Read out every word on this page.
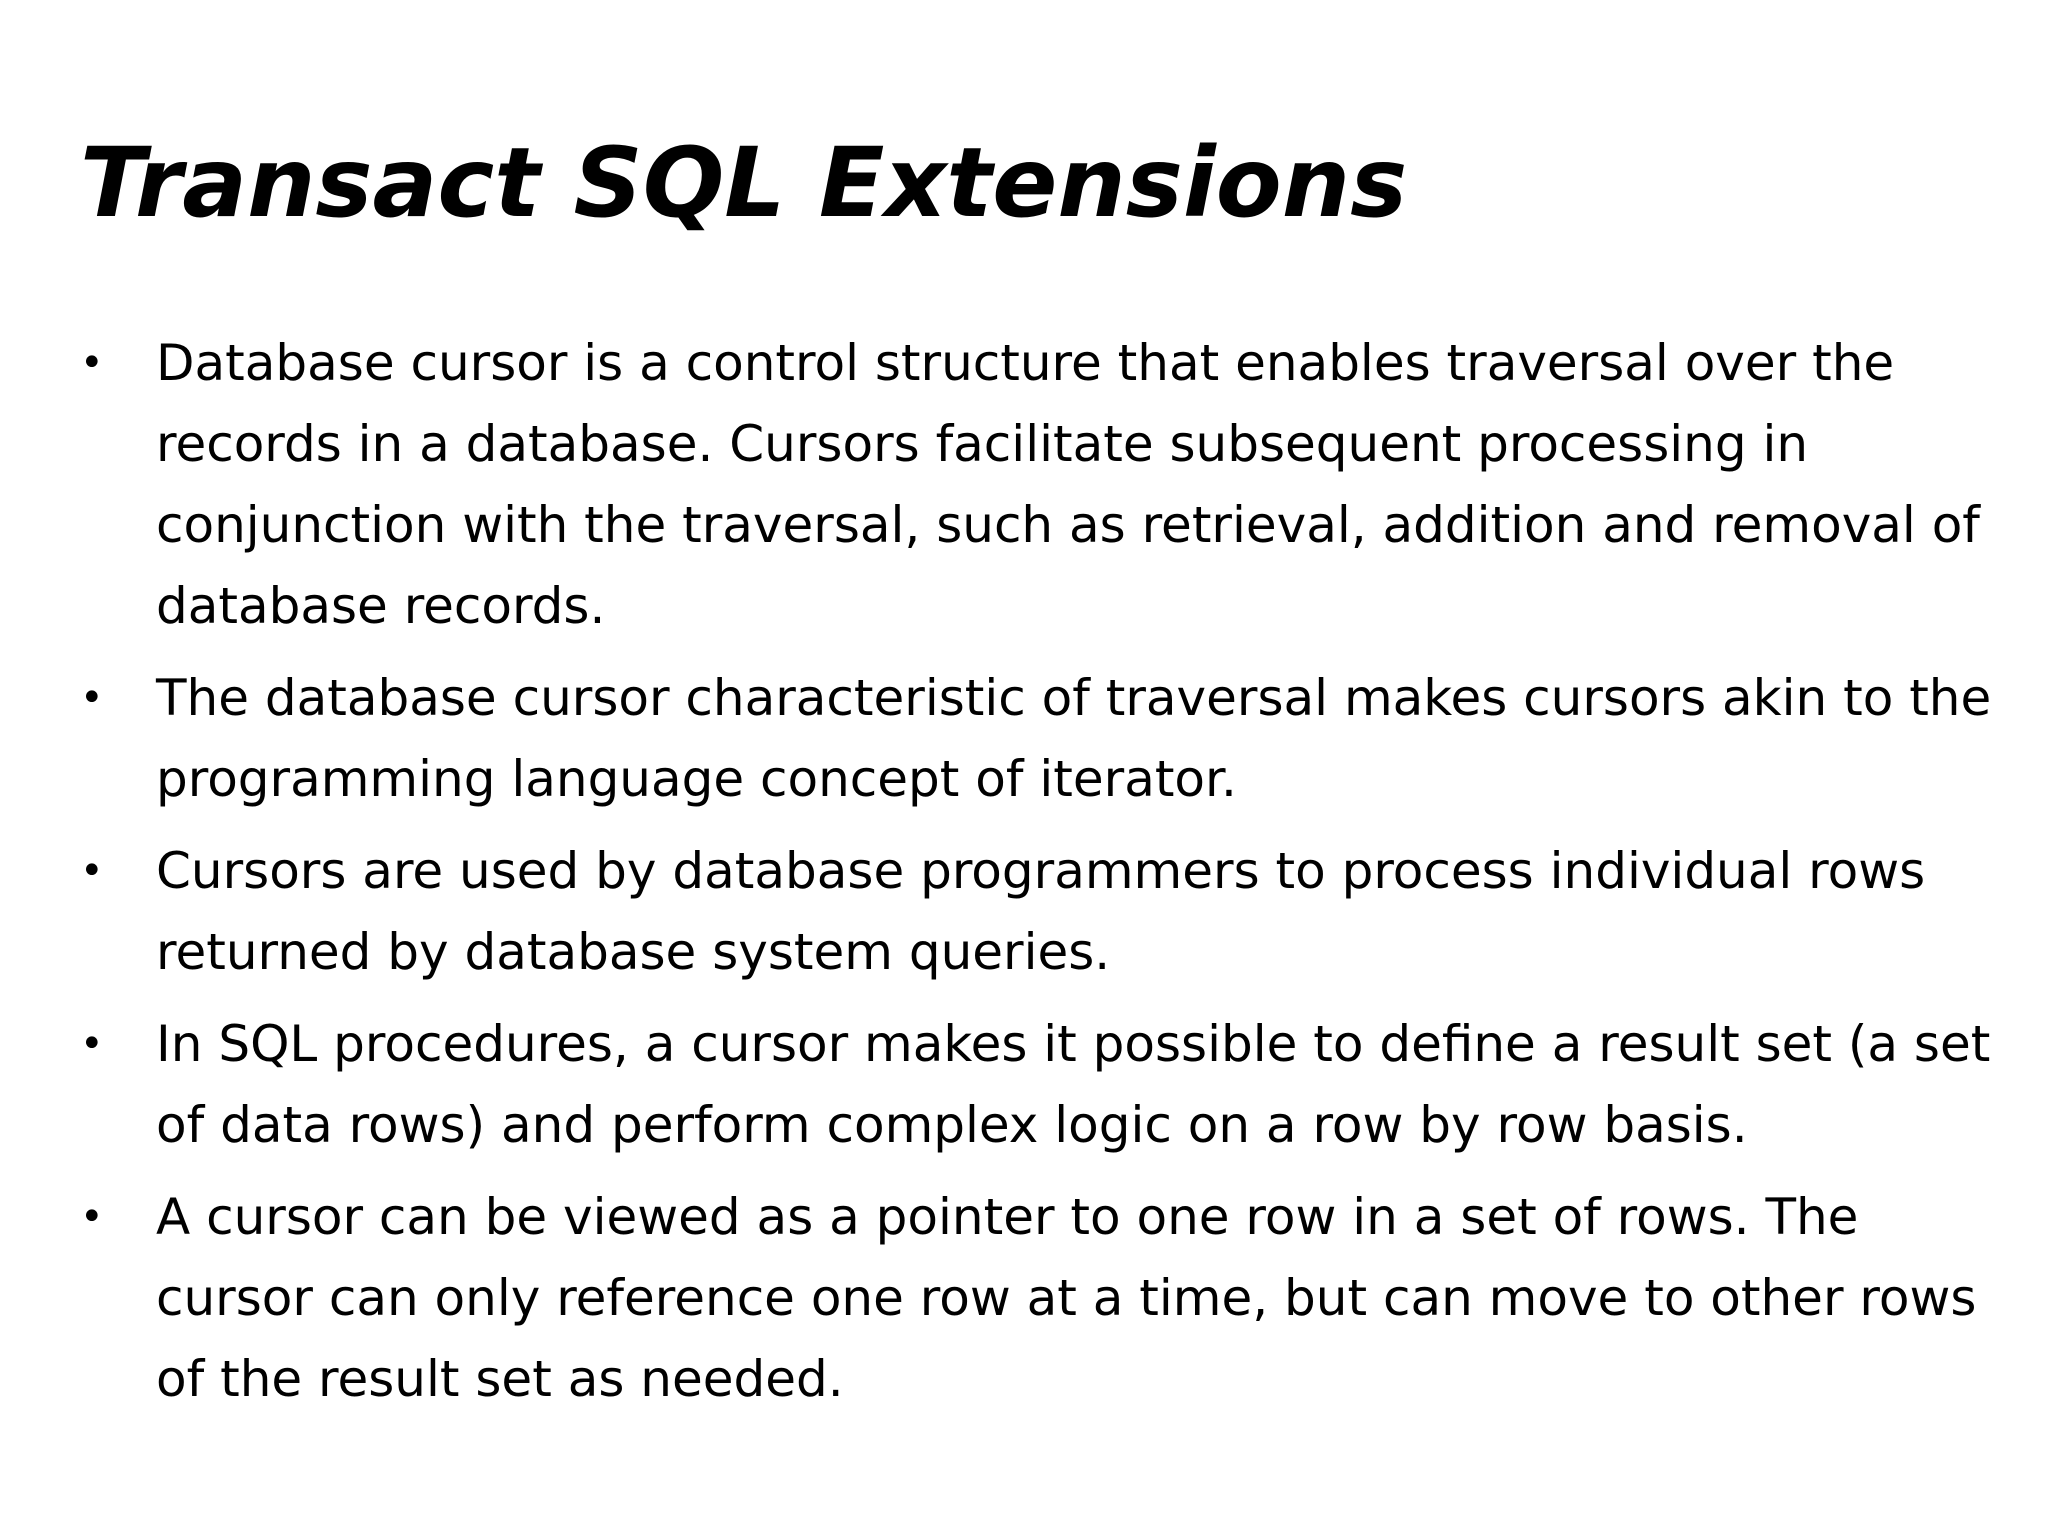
Transact SQL Extensions
•	Database cursor is a control structure that enables traversal over the records in a database. Cursors facilitate subsequent processing in conjunction with the traversal, such as retrieval, addition and removal of database records.
•	The database cursor characteristic of traversal makes cursors akin to the programming language concept of iterator.
•	Cursors are used by database programmers to process individual rows returned by database system queries.
•	In SQL procedures, a cursor makes it possible to define a result set (a set of data rows) and perform complex logic on a row by row basis.
•	A cursor can be viewed as a pointer to one row in a set of rows. The cursor can only reference one row at a time, but can move to other rows of the result set as needed.
